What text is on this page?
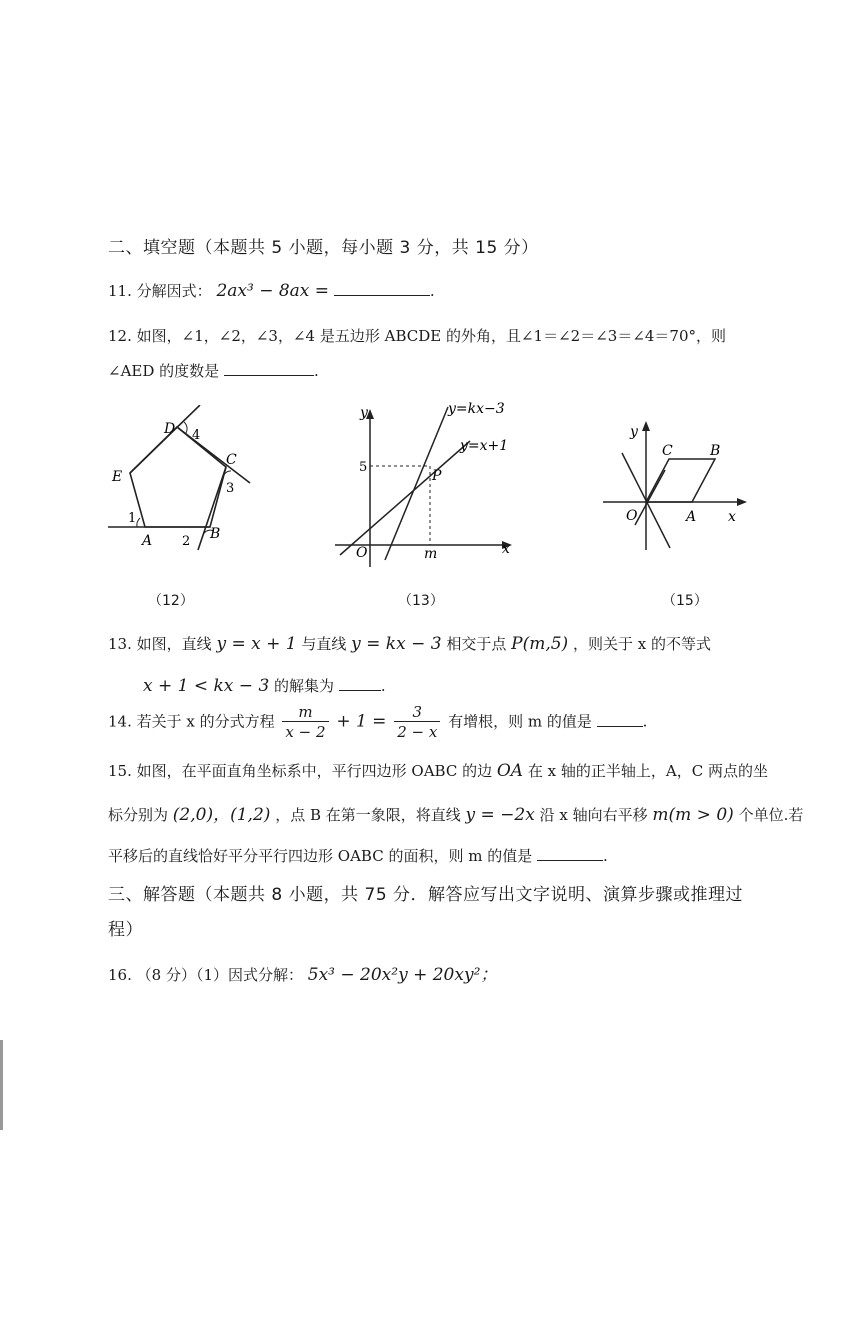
二、填空题（本题共 5 小题，每小题 3 分，共 15 分）
11. 分解因式： 2ax³ − 8ax =	.
12. 如图，∠1，∠2，∠3，∠4 是五边形 ABCDE 的外角，且∠1＝∠2＝∠3＝∠4＝70°，则
∠AED 的度数是	.
A	B
C
D
E
1
2
3
4
y
x
O
P
m
5
y=kx−3
y=x+1
y
x
O	A
B
C
（12）	（13）	（15）
13. 如图，直线 y = x + 1 与直线 y = kx − 3 相交于点 P(m,5) ，则关于 x 的不等式
x + 1 < kx − 3 的解集为	.
14. 若关于 x 的分式方程 $\frac{m}{x - 2} + 1 = \frac{3}{2 - x}$ 有增根，则 m 的值是	.
15. 如图，在平面直角坐标系中，平行四边形 OABC 的边 OA 在 x 轴的正半轴上，A，C 两点的坐
标分别为 (2,0)，(1,2) ，点 B 在第一象限，将直线 y = −2x 沿 x 轴向右平移 m(m > 0) 个单位.若
平移后的直线恰好平分平行四边形 OABC 的面积，则 m 的值是	.
三、解答题（本题共 8 小题，共 75 分．解答应写出文字说明、演算步骤或推理过
程）
16. （8 分）（1）因式分解： 5x³ − 20x²y + 20xy²；
